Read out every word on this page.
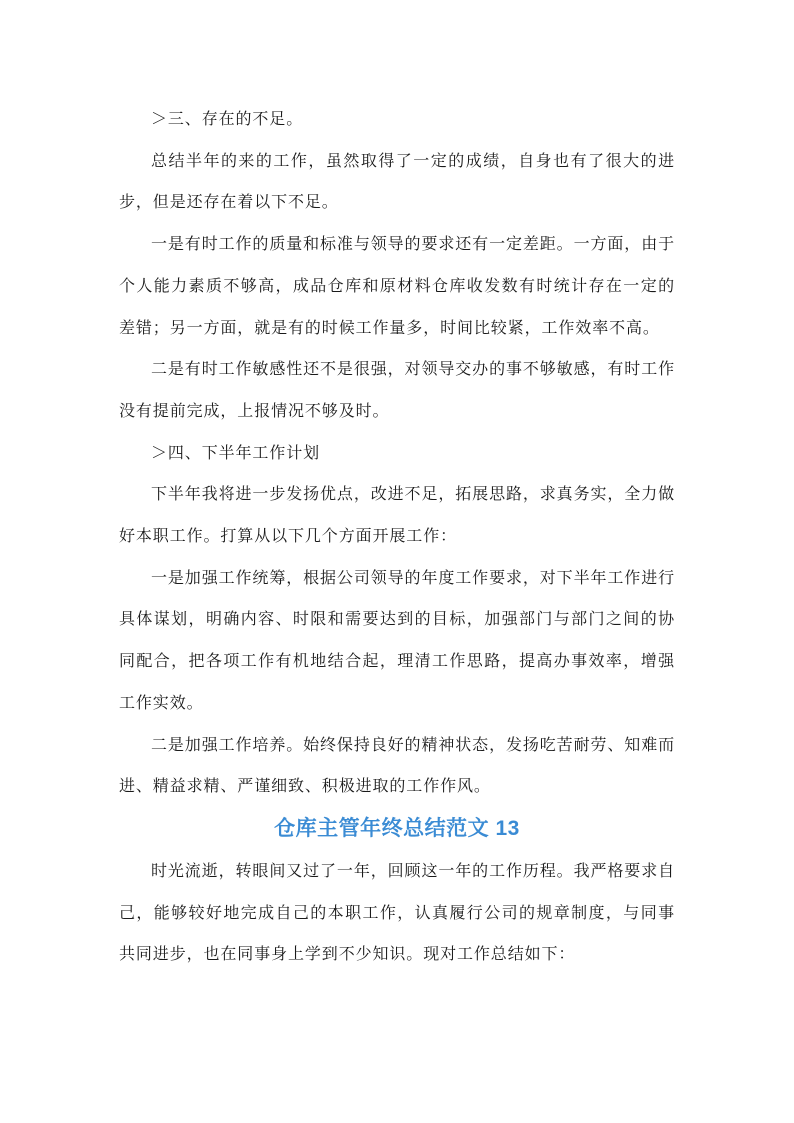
＞三、存在的不足。

总结半年的来的工作，虽然取得了一定的成绩，自身也有了很大的进步，但是还存在着以下不足。

一是有时工作的质量和标准与领导的要求还有一定差距。一方面，由于个人能力素质不够高，成品仓库和原材料仓库收发数有时统计存在一定的差错；另一方面，就是有的时候工作量多，时间比较紧，工作效率不高。

二是有时工作敏感性还不是很强，对领导交办的事不够敏感，有时工作没有提前完成，上报情况不够及时。

＞四、下半年工作计划

下半年我将进一步发扬优点，改进不足，拓展思路，求真务实，全力做好本职工作。打算从以下几个方面开展工作：

一是加强工作统筹，根据公司领导的年度工作要求，对下半年工作进行具体谋划，明确内容、时限和需要达到的目标，加强部门与部门之间的协同配合，把各项工作有机地结合起，理清工作思路，提高办事效率，增强工作实效。

二是加强工作培养。始终保持良好的精神状态，发扬吃苦耐劳、知难而进、精益求精、严谨细致、积极进取的工作作风。

仓库主管年终总结范文 13

时光流逝，转眼间又过了一年，回顾这一年的工作历程。我严格要求自己，能够较好地完成自己的本职工作，认真履行公司的规章制度，与同事共同进步，也在同事身上学到不少知识。现对工作总结如下：
